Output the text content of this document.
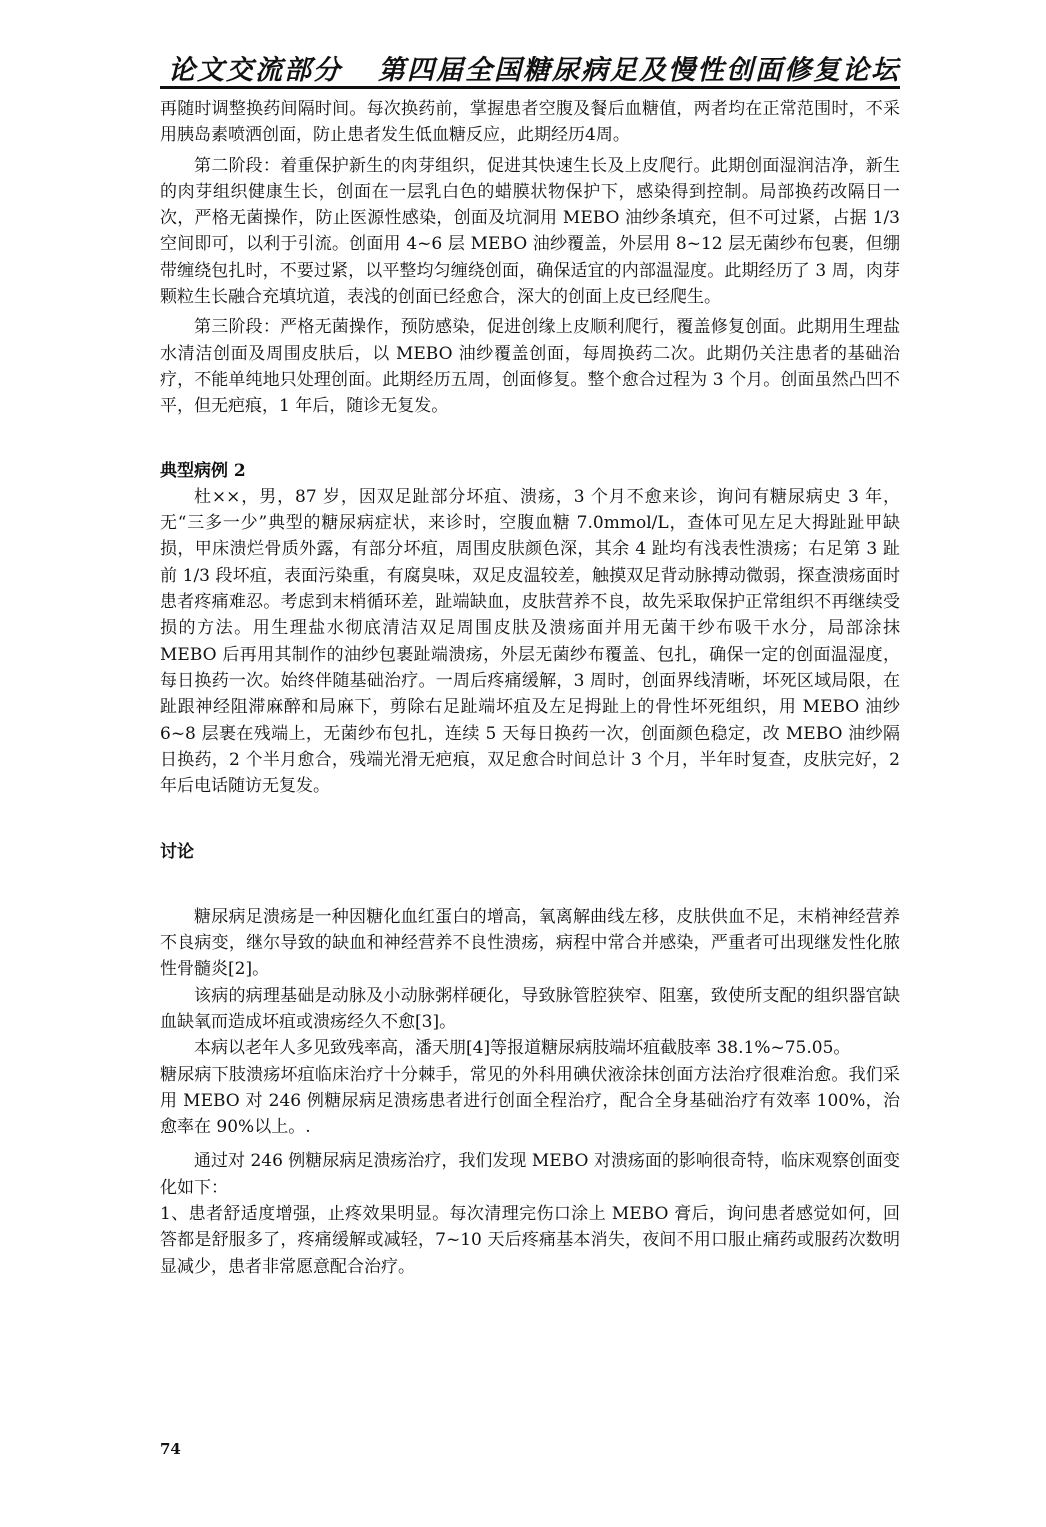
论文交流部分 第四届全国糖尿病足及慢性创面修复论坛

再随时调整换药间隔时间。每次换药前，掌握患者空腹及餐后血糖值，两者均在正常范围时，不采用胰岛素喷洒创面，防止患者发生低血糖反应，此期经历4周。

第二阶段：着重保护新生的肉芽组织，促进其快速生长及上皮爬行。此期创面湿润洁净，新生的肉芽组织健康生长，创面在一层乳白色的蜡膜状物保护下，感染得到控制。局部换药改隔日一次，严格无菌操作，防止医源性感染，创面及坑洞用 MEBO 油纱条填充，但不可过紧，占据 1/3 空间即可，以利于引流。创面用 4~6 层 MEBO 油纱覆盖，外层用 8~12 层无菌纱布包裹，但绷带缠绕包扎时，不要过紧，以平整均匀缠绕创面，确保适宜的内部温湿度。此期经历了 3 周，肉芽颗粒生长融合充填坑道，表浅的创面已经愈合，深大的创面上皮已经爬生。

第三阶段：严格无菌操作，预防感染，促进创缘上皮顺利爬行，覆盖修复创面。此期用生理盐水清洁创面及周围皮肤后，以 MEBO 油纱覆盖创面，每周换药二次。此期仍关注患者的基础治疗，不能单纯地只处理创面。此期经历五周，创面修复。整个愈合过程为 3 个月。创面虽然凸凹不平，但无疤痕，1 年后，随诊无复发。

典型病例 2

杜××，男，87 岁，因双足趾部分坏疽、溃疡，3 个月不愈来诊，询问有糖尿病史 3 年，无“三多一少”典型的糖尿病症状，来诊时，空腹血糖 7.0mmol/L，查体可见左足大拇趾趾甲缺损，甲床溃烂骨质外露，有部分坏疽，周围皮肤颜色深，其余 4 趾均有浅表性溃疡；右足第 3 趾前 1/3 段坏疽，表面污染重，有腐臭味，双足皮温较差，触摸双足背动脉搏动微弱，探查溃疡面时患者疼痛难忍。考虑到末梢循环差，趾端缺血，皮肤营养不良，故先采取保护正常组织不再继续受损的方法。用生理盐水彻底清洁双足周围皮肤及溃疡面并用无菌干纱布吸干水分，局部涂抹 MEBO 后再用其制作的油纱包裹趾端溃疡，外层无菌纱布覆盖、包扎，确保一定的创面温湿度，每日换药一次。始终伴随基础治疗。一周后疼痛缓解，3 周时，创面界线清晰，坏死区域局限，在趾跟神经阻滞麻醉和局麻下，剪除右足趾端坏疽及左足拇趾上的骨性坏死组织，用 MEBO 油纱 6~8 层裹在残端上，无菌纱布包扎，连续 5 天每日换药一次，创面颜色稳定，改 MEBO 油纱隔日换药，2 个半月愈合，残端光滑无疤痕，双足愈合时间总计 3 个月，半年时复查，皮肤完好，2 年后电话随访无复发。

讨论

糖尿病足溃疡是一种因糖化血红蛋白的增高，氧离解曲线左移，皮肤供血不足，末梢神经营养不良病变，继尔导致的缺血和神经营养不良性溃疡，病程中常合并感染，严重者可出现继发性化脓性骨髓炎[2]。

该病的病理基础是动脉及小动脉粥样硬化，导致脉管腔狭窄、阻塞，致使所支配的组织器官缺血缺氧而造成坏疽或溃疡经久不愈[3]。

本病以老年人多见致残率高，潘天朋[4]等报道糖尿病肢端坏疽截肢率 38.1%~75.05。

糖尿病下肢溃疡坏疽临床治疗十分棘手，常见的外科用碘伏液涂抹创面方法治疗很难治愈。我们采用 MEBO 对 246 例糖尿病足溃疡患者进行创面全程治疗，配合全身基础治疗有效率 100%，治愈率在 90%以上。.

通过对 246 例糖尿病足溃疡治疗，我们发现 MEBO 对溃疡面的影响很奇特，临床观察创面变化如下：

1、患者舒适度增强，止疼效果明显。每次清理完伤口涂上 MEBO 膏后，询问患者感觉如何，回答都是舒服多了，疼痛缓解或减轻，7~10 天后疼痛基本消失，夜间不用口服止痛药或服药次数明显减少，患者非常愿意配合治疗。

74
